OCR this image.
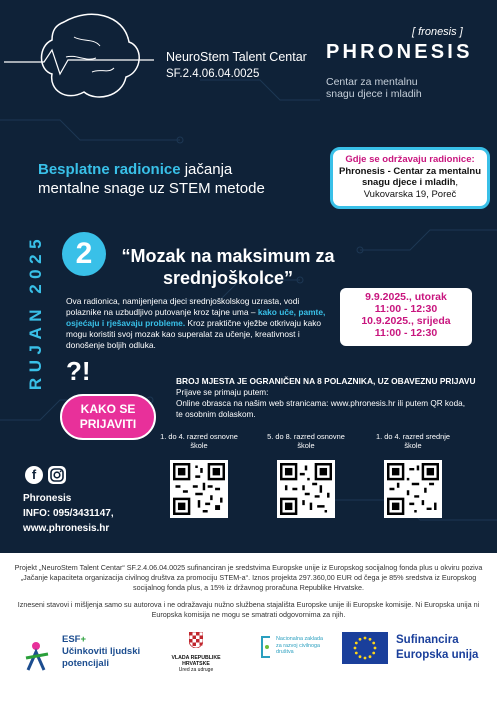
NeuroStem Talent Centar
SF.2.4.06.04.0025
[ fronesis ]
PHRONESIS
Centar za mentalnu
snagu djece i mladih
Besplatne radionice jačanja
mentalne snage uz STEM metode
Gdje se održavaju radionice:
Phronesis - Centar za mentalnu snagu djece i mladih, Vukovarska 19, Poreč
RUJAN 2025	2	“Mozak na maksimum za srednjoškolce”
Ova radionica, namijenjena djeci srednjoškolskog uzrasta, vodi polaznike na uzbudljivo putovanje kroz tajne uma – kako uče, pamte, osjećaju i rješavaju probleme. Kroz praktične vježbe otkrivaju kako mogu koristiti svoj mozak kao superalat za učenje, kreativnost i donošenje boljih odluka.
9.9.2025., utorak
11:00 - 12:30
10.9.2025., srijeda
11:00 - 12:30
?!
KAKO SE PRIJAVITI
BROJ MJESTA JE OGRANIČEN NA 8 POLAZNIKA, UZ OBAVEZNU PRIJAVU
Prijave se primaju putem:
Online obrasca na našim web stranicama: www.phronesis.hr ili putem QR koda,
te osobnim dolaskom.
1. do 4. razred osnovne škole
5. do 8. razred osnovne škole
1. do 4. razred srednje škole
f
Phronesis
INFO: 095/3431147,
www.phronesis.hr
Projekt „NeuroStem Talent Centar“ SF.2.4.06.04.0025 sufinanciran je sredstvima Europske unije iz Europskog socijalnog fonda plus u okviru poziva
„Jačanje kapaciteta organizacija civilnog društva za promociju STEM-a“. Iznos projekta 297.360,00 EUR od čega je 85% sredstva iz Europskog
socijalnog fonda plus, a 15% iz državnog proračuna Republike Hrvatske.
Izneseni stavovi i mišljenja samo su autorova i ne odražavaju nužno službena stajališta Europske unije ili Europske komisije. Ni Europska unija ni
Europska komisija ne mogu se smatrati odgovornima za njih.
ESF+
Učinkoviti ljudski
potencijali	VLADA REPUBLIKE HRVATSKE
Ured za udruge
Nacionalna zaklada za razvoj civilnoga društva
Sufinancira
Europska unija
